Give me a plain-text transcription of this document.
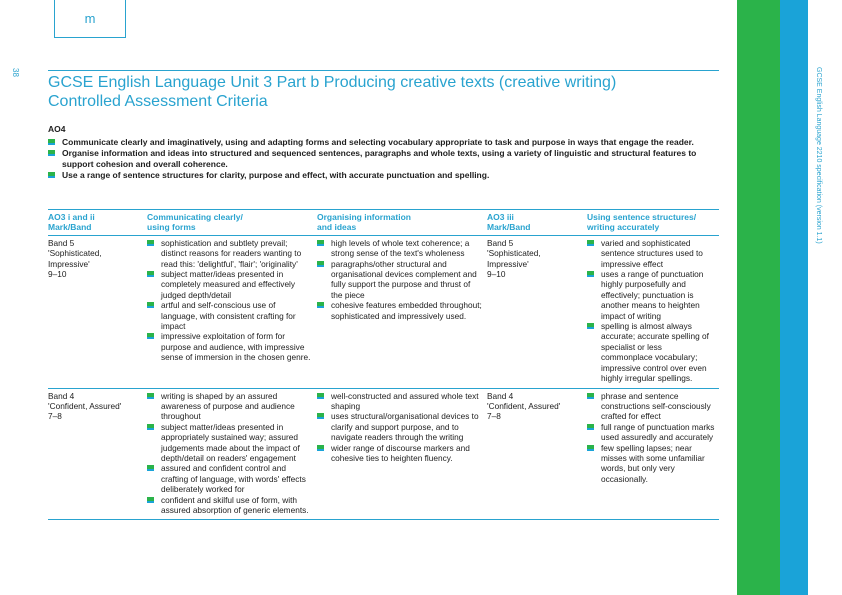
m
38
GCSE English Language Unit 3 Part b Producing creative texts (creative writing)
Controlled Assessment Criteria	GCSE English Language 2210 specification (version 1.1)
AO4
Communicate clearly and imaginatively, using and adapting forms and selecting vocabulary appropriate to task and purpose in ways that engage the reader.
Organise information and ideas into structured and sequenced sentences, paragraphs and whole texts, using a variety of linguistic and structural features to support cohesion and overall coherence.
Use a range of sentence structures for clarity, purpose and effect, with accurate punctuation and spelling.
AO3 i and ii
Mark/Band
Communicating clearly/
using forms
Organising information
and ideas
AO3 iii
Mark/Band
Using sentence structures/
writing accurately
Band 5
'Sophisticated, Impressive'
9–10
sophistication and subtlety prevail; distinct reasons for readers wanting to read this: 'delightful', 'flair'; 'originality'
subject matter/ideas presented in completely measured and effectively judged depth/detail
artful and self-conscious use of language, with consistent crafting for impact
impressive exploitation of form for purpose and audience, with impressive sense of immersion in the chosen genre.
high levels of whole text coherence; a strong sense of the text's wholeness
paragraphs/other structural and organisational devices complement and fully support the purpose and thrust of the piece
cohesive features embedded throughout; sophisticated and impressively used.
Band 5
'Sophisticated, Impressive'
9–10
varied and sophisticated sentence structures used to impressive effect
uses a range of punctuation highly purposefully and effectively; punctuation is another means to heighten impact of writing
spelling is almost always accurate; accurate spelling of specialist or less commonplace vocabulary; impressive control over even highly irregular spellings.
Band 4
'Confident, Assured'
7–8
writing is shaped by an assured awareness of purpose and audience throughout
subject matter/ideas presented in appropriately sustained way; assured judgements made about the impact of depth/detail on readers' engagement
assured and confident control and crafting of language, with words' effects deliberately worked for
confident and skilful use of form, with assured absorption of generic elements.
well-constructed and assured whole text shaping
uses structural/organisational devices to clarify and support purpose, and to navigate readers through the writing
wider range of discourse markers and cohesive ties to heighten fluency.
Band 4
'Confident, Assured'
7–8
phrase and sentence constructions self-consciously crafted for effect
full range of punctuation marks used assuredly and accurately
few spelling lapses; near misses with some unfamiliar words, but only very occasionally.
